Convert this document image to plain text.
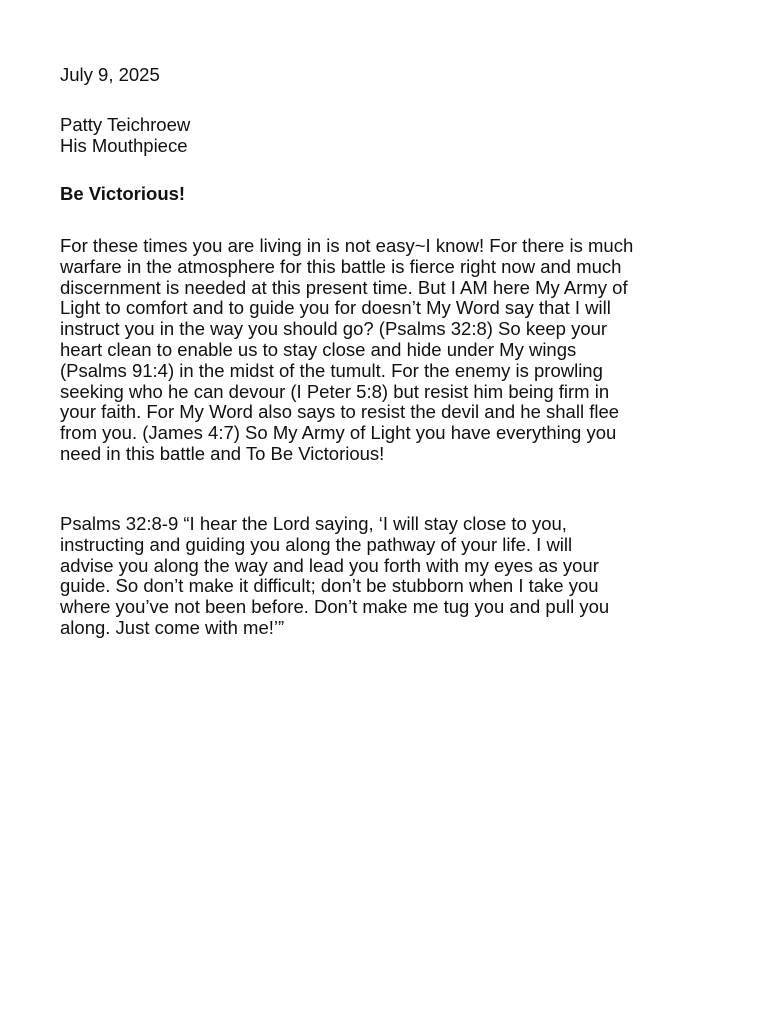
July 9, 2025
Patty Teichroew
His Mouthpiece
Be Victorious!
For these times you are living in is not easy~I know! For there is much
warfare in the atmosphere for this battle is fierce right now and much
discernment is needed at this present time. But I AM here My Army of
Light to comfort and to guide you for doesn’t My Word say that I will
instruct you in the way you should go? (Psalms 32:8) So keep your
heart clean to enable us to stay close and hide under My wings
(Psalms 91:4) in the midst of the tumult. For the enemy is prowling
seeking who he can devour (I Peter 5:8) but resist him being firm in
your faith. For My Word also says to resist the devil and he shall flee
from you. (James 4:7) So My Army of Light you have everything you
need in this battle and To Be Victorious!
Psalms 32:8-9 “I hear the Lord saying, ‘I will stay close to you,
instructing and guiding you along the pathway of your life. I will
advise you along the way and lead you forth with my eyes as your
guide. So don’t make it difficult; don’t be stubborn when I take you
where you’ve not been before. Don’t make me tug you and pull you
along. Just come with me!’”
